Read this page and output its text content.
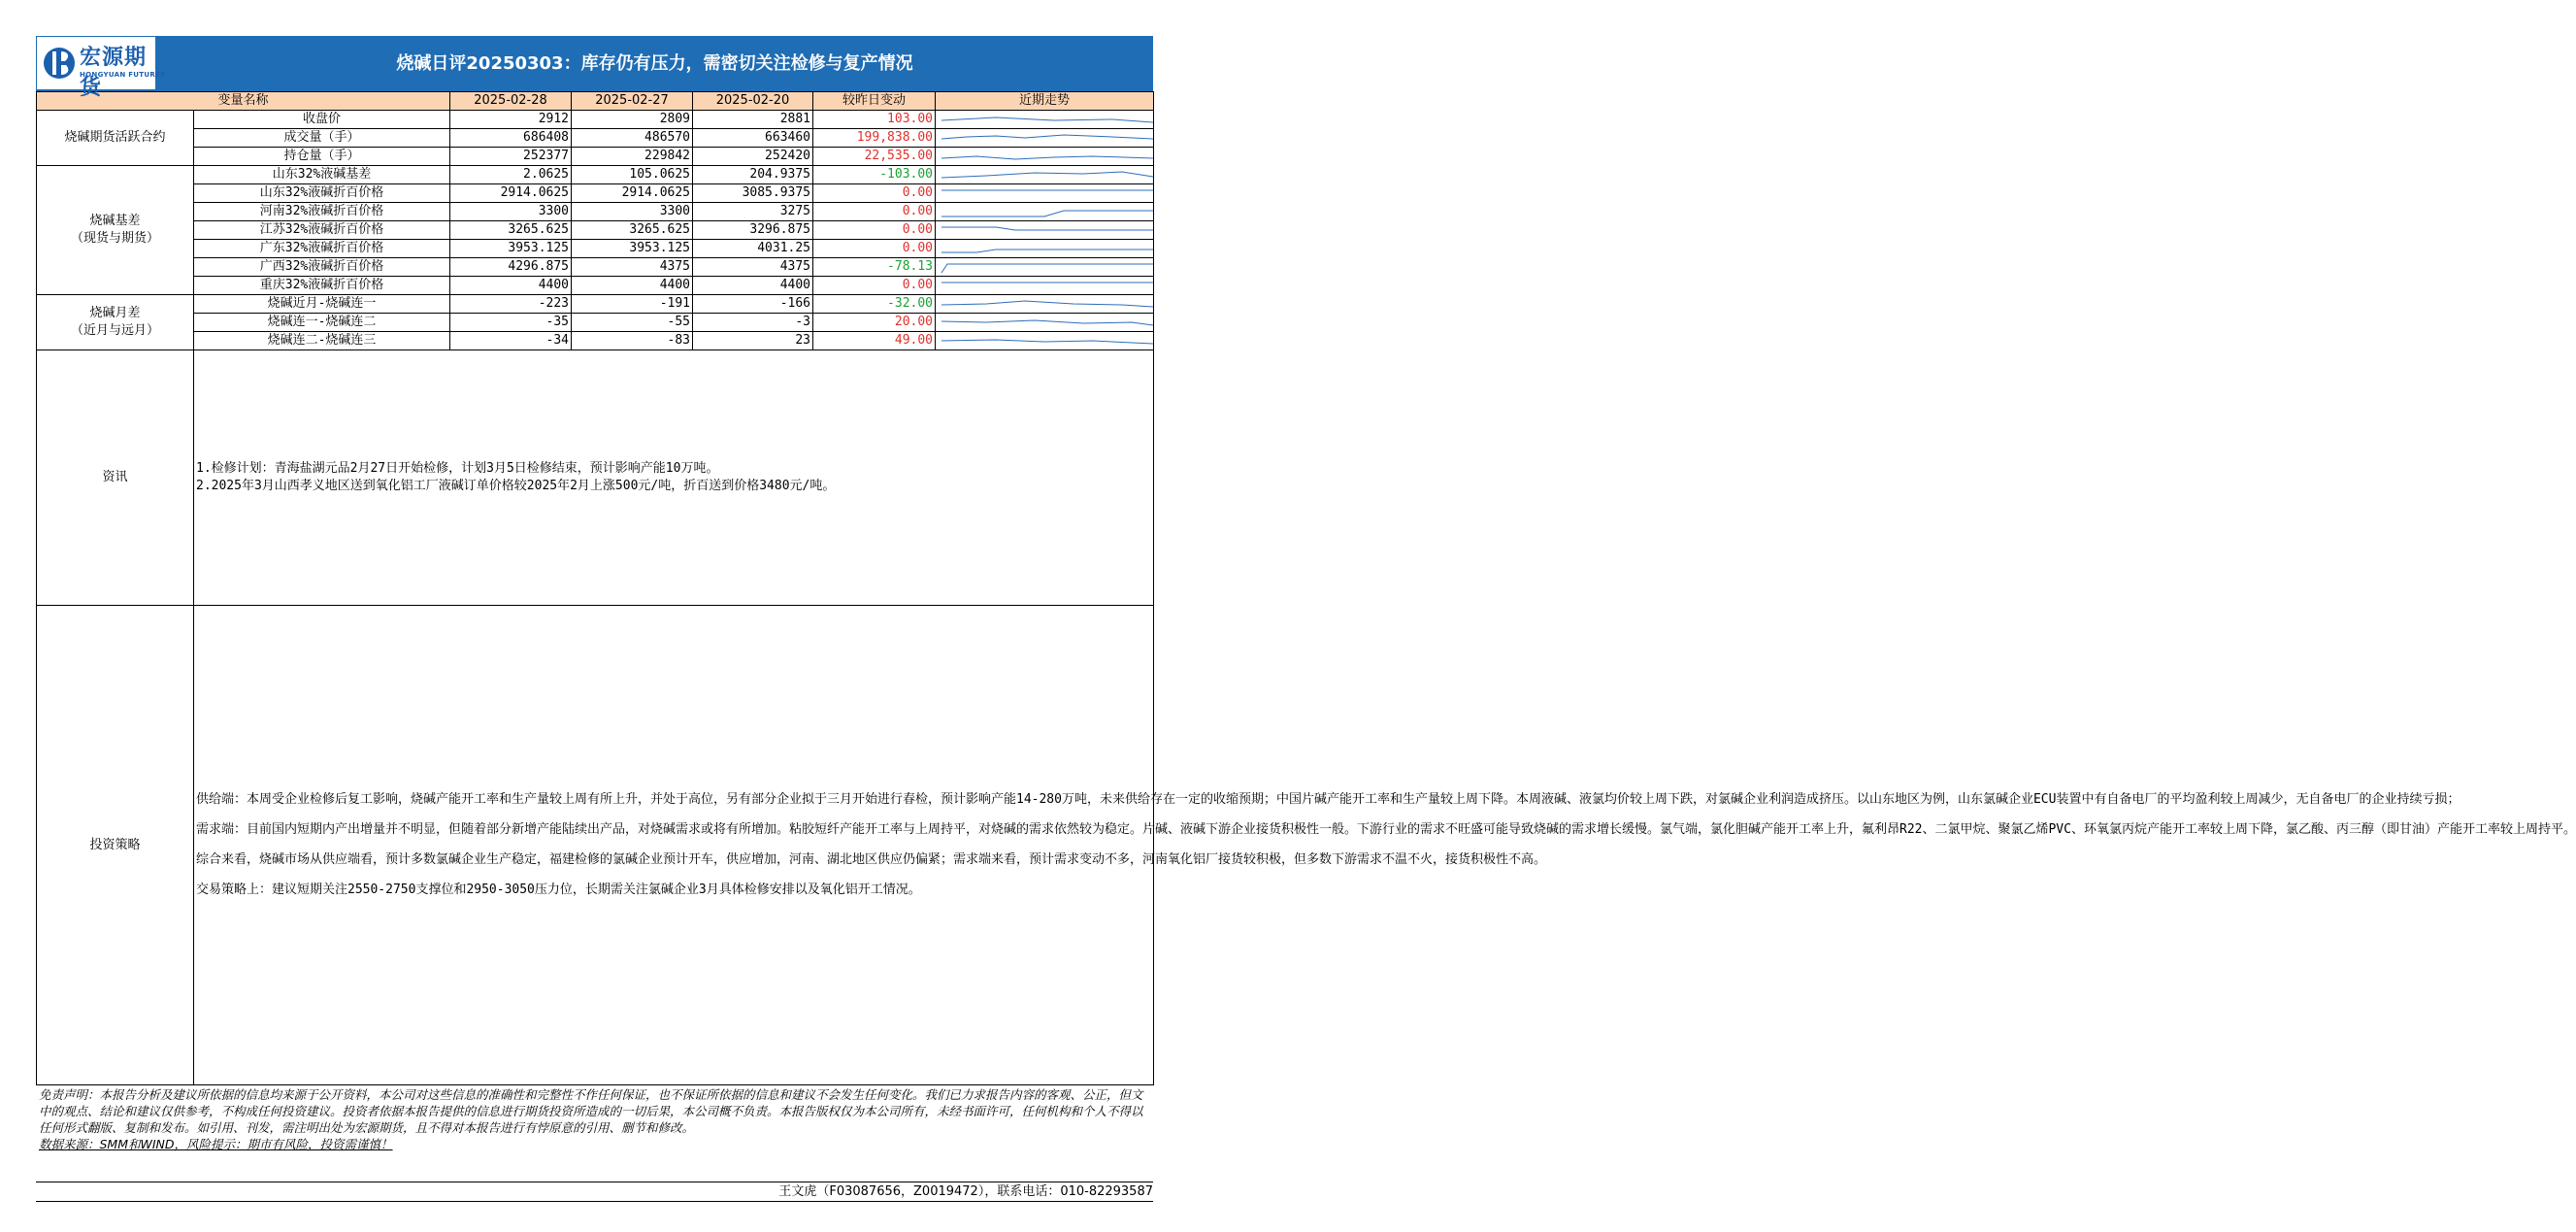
宏源期货
HONGYUAN FUTURES
烧碱日评20250303：库存仍有压力，需密切关注检修与复产情况
变量名称		2025-02-28	2025-02-27	2025-02-20	较昨日变动	近期走势
烧碱期货活跃合约	收盘价	2912	2809	2881	103.00	

	成交量（手）	686408	486570	663460	199,838.00	

	持仓量（手）	252377	229842	252420	22,535.00	

烧碱基差
（现货与期货）	山东32%液碱基差	2.0625	105.0625	204.9375	-103.00	

	山东32%液碱折百价格	2914.0625	2914.0625	3085.9375	0.00	

	河南32%液碱折百价格	3300	3300	3275	0.00	

	江苏32%液碱折百价格	3265.625	3265.625	3296.875	0.00	

	广东32%液碱折百价格	3953.125	3953.125	4031.25	0.00	

	广西32%液碱折百价格	4296.875	4375	4375	-78.13	

	重庆32%液碱折百价格	4400	4400	4400	0.00	

烧碱月差
（近月与远月）	烧碱近月-烧碱连一	-223	-191	-166	-32.00	

	烧碱连一-烧碱连二	-35	-55	-3	20.00	

	烧碱连二-烧碱连三	-34	-83	23	49.00	

资讯	1.检修计划：青海盐湖元品2月27日开始检修，计划3月5日检修结束，预计影响产能10万吨。
2.2025年3月山西孝义地区送到氧化铝工厂液碱订单价格较2025年2月上涨500元/吨，折百送到价格3480元/吨。					

投资策略	供给端：本周受企业检修后复工影响，烧碱产能开工率和生产量较上周有所上升，并处于高位，另有部分企业拟于三月开始进行春检，预计影响产能14-280万吨，未来供给存在一定的收缩预期；中国片碱产能开工率和生产量较上周下降。本周液碱、液氯均价较上周下跌，对氯碱企业利润造成挤压。以山东地区为例，山东氯碱企业ECU装置中有自备电厂的平均盈利较上周减少，无自备电厂的企业持续亏损；

需求端：目前国内短期内产出增量并不明显，但随着部分新增产能陆续出产品，对烧碱需求或将有所增加。粘胶短纤产能开工率与上周持平，对烧碱的需求依然较为稳定。片碱、液碱下游企业接货积极性一般。下游行业的需求不旺盛可能导致烧碱的需求增长缓慢。氯气端，氯化胆碱产能开工率上升，氟利昂R22、二氯甲烷、聚氯乙烯PVC、环氧氯丙烷产能开工率较上周下降，氯乙酸、丙三醇（即甘油）产能开工率较上周持平。

综合来看，烧碱市场从供应端看，预计多数氯碱企业生产稳定，福建检修的氯碱企业预计开车，供应增加，河南、湖北地区供应仍偏紧；需求端来看，预计需求变动不多，河南氧化铝厂接货较积极，但多数下游需求不温不火，接货积极性不高。

交易策略上：建议短期关注2550-2750支撑位和2950-3050压力位，长期需关注氯碱企业3月具体检修安排以及氧化铝开工情况。					

免责声明：本报告分析及建议所依据的信息均来源于公开资料，本公司对这些信息的准确性和完整性不作任何保证，也不保证所依据的信息和建议不会发生任何变化。我们已力求报告内容的客观、公正，但文中的观点、结论和建议仅供参考，不构成任何投资建议。投资者依据本报告提供的信息进行期货投资所造成的一切后果，本公司概不负责。本报告版权仅为本公司所有，未经书面许可，任何机构和个人不得以任何形式翻版、复制和发布。如引用、刊发，需注明出处为宏源期货，且不得对本报告进行有悖原意的引用、删节和修改。
数据来源：SMM和WIND，风险提示：期市有风险，投资需谨慎！
王文虎（F03087656，Z0019472），联系电话：010-82293587
